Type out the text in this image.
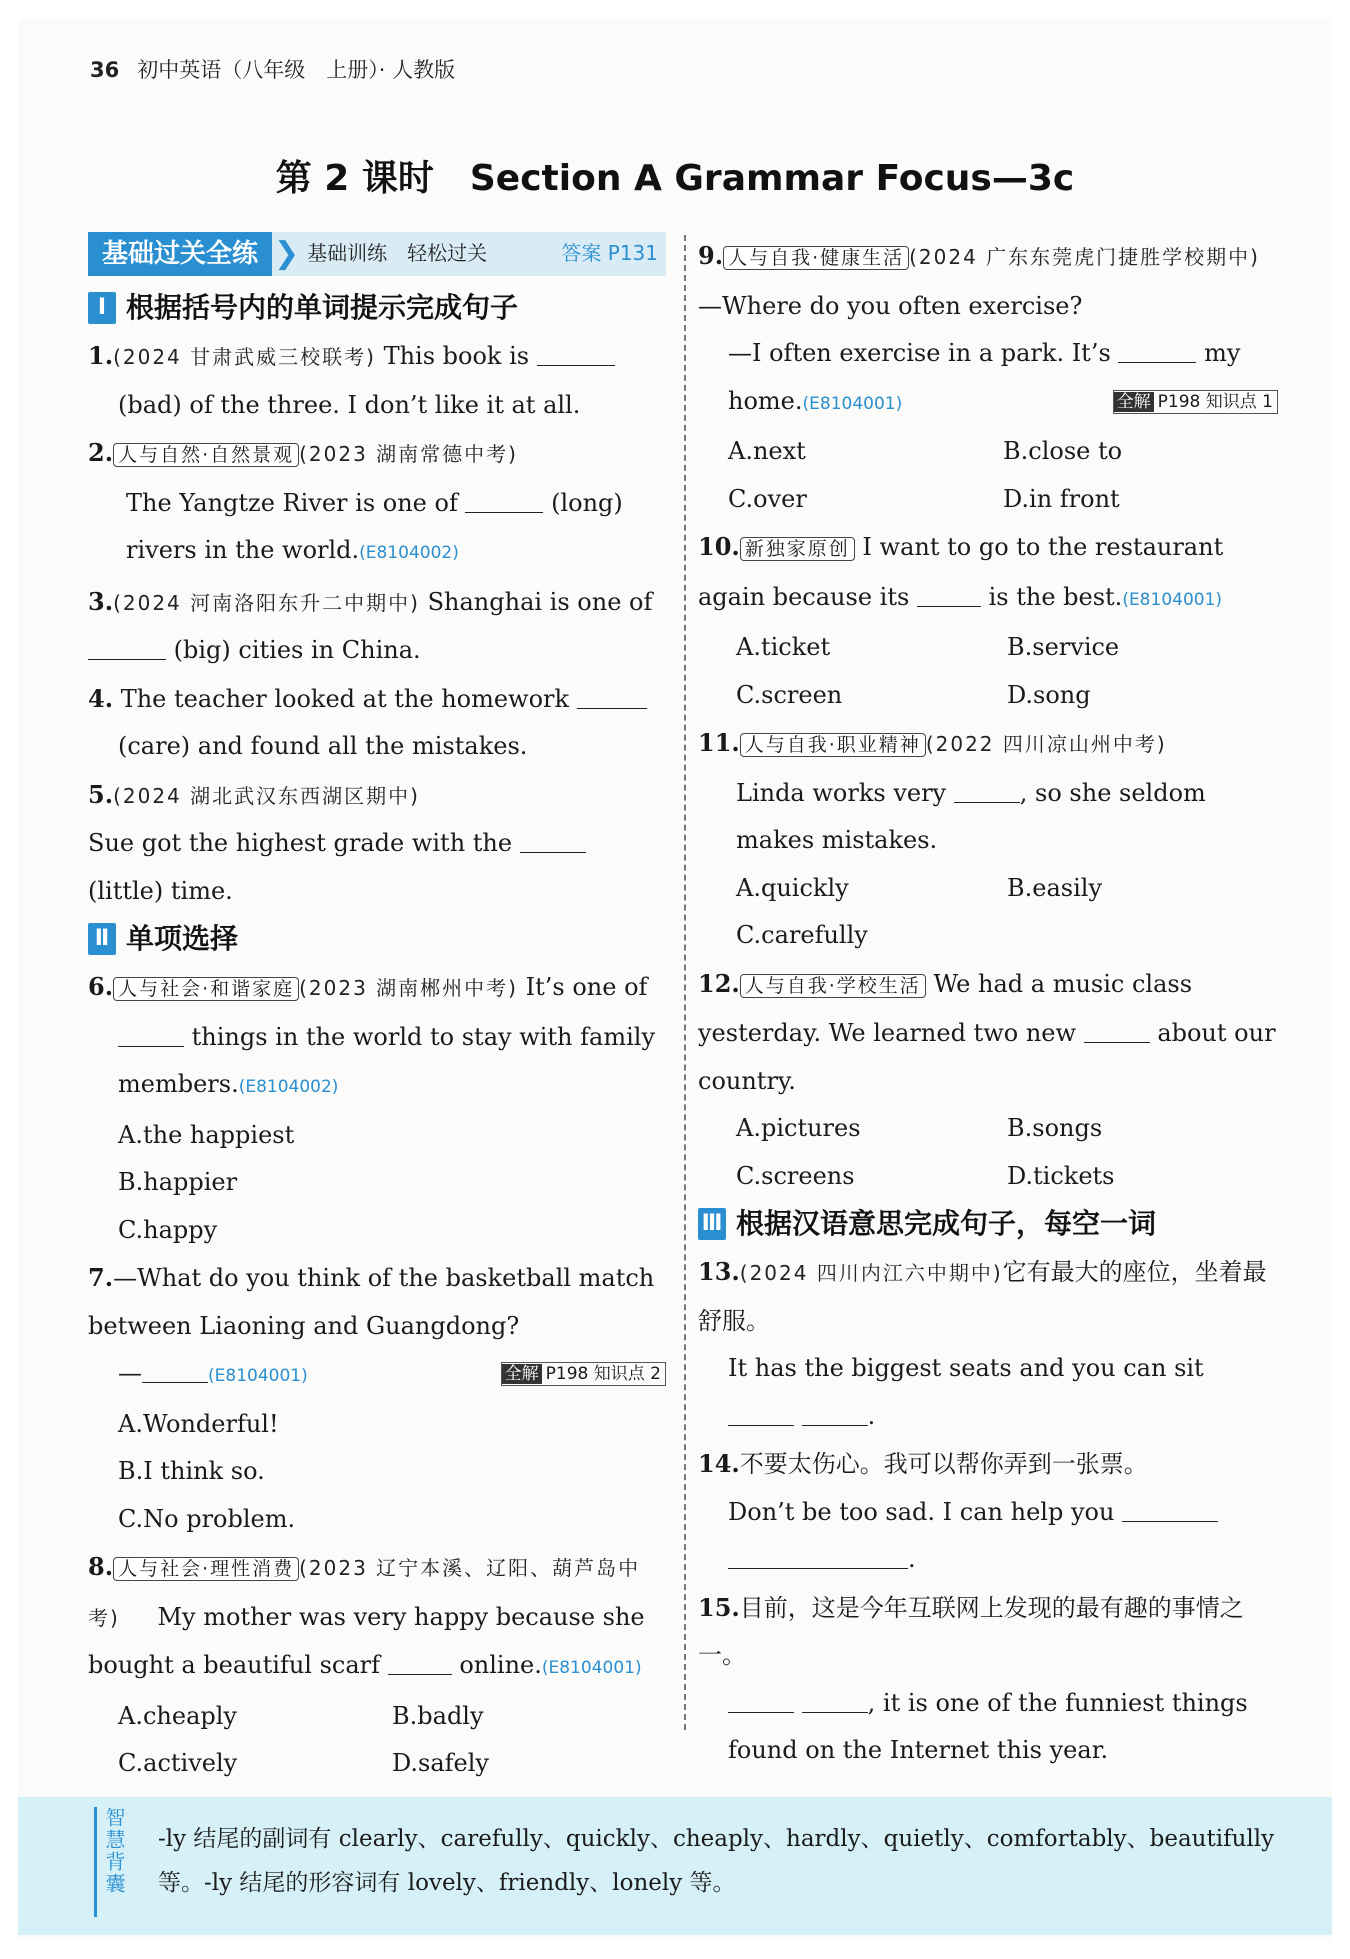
36 初中英语（八年级　上册）· 人教版
第 2 课时　Section A Grammar Focus—3c
基础过关全练 ❯ 基础训练　轻松过关	答案 P131
Ⅰ 根据括号内的单词提示完成句子
1.(2024 甘肃武威三校联考) This book is
(bad) of the three. I don’t like it at all.
2. 人与自然·自然景观 (2023 湖南常德中考)
The Yangtze River is one of	(long) rivers in the world.(E8104002)
3.(2024 河南洛阳东升二中期中) Shanghai is one of
(big) cities in China.
4. The teacher looked at the homework
(care) and found all the mistakes.
5.(2024 湖北武汉东西湖区期中)
Sue got the highest grade with the  (little) time.
Ⅱ 单项选择
6. 人与社会·和谐家庭 (2023 湖南郴州中考) It’s one of
things in the world to stay with family members.(E8104002)
A.the happiest
B.happier
C.happy
7.—What do you think of the basketball match between Liaoning and Guangdong?
全解 P198 知识点 2
—	(E8104001)
A.Wonderful!
B.I think so.
C.No problem.
8. 人与社会·理性消费 (2023 辽宁本溪、辽阳、葫芦岛中考) My mother was very happy because she bought a beautiful scarf	online.(E8104001)
A.cheaply	B.badly
C.actively	D.safely
9. 人与自我·健康生活 (2024 广东东莞虎门捷胜学校期中) —Where do you often exercise?
—I often exercise in a park. It’s	my home.(E8104001)	全解 P198 知识点 1
A.next	B.close to
C.over	D.in front
10. 新独家原创 I want to go to the restaurant again because its	is the best.(E8104001)
A.ticket	B.service
C.screen	D.song
11. 人与自我·职业精神 (2022 四川凉山州中考)
Linda works very	, so she seldom makes mistakes.
A.quickly	B.easily
C.carefully
12. 人与自我·学校生活 We had a music class yesterday. We learned two new	about our country.
A.pictures	B.songs
C.screens	D.tickets
Ⅲ 根据汉语意思完成句子，每空一词
13.(2024 四川内江六中期中)它有最大的座位，坐着最舒服。
It has the biggest seats and you can sit
.
14.不要太伤心。我可以帮你弄到一张票。
Don’t be too sad. I can help you
.
15.目前，这是今年互联网上发现的最有趣的事情之一。
, it is one of the funniest things found on the Internet this year.
智慧背囊 -ly 结尾的副词有 clearly、carefully、quickly、cheaply、hardly、quietly、comfortably、beautifully 等。-ly 结尾的形容词有 lovely、friendly、lonely 等。
